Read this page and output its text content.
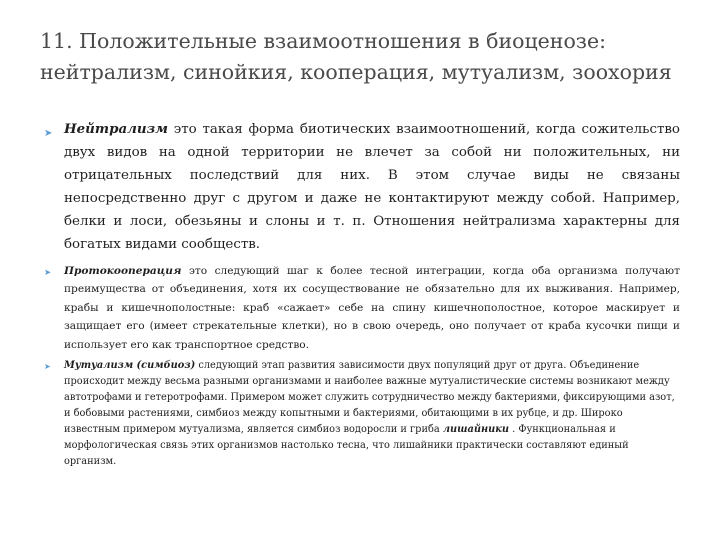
11. Положительные взаимоотношения в биоценозе: нейтрализм, синойкия, кооперация, мутуализм, зоохория
➤ Нейтрализм это такая форма биотических взаимоотношений, когда сожительство двух видов на одной территории не влечет за собой ни положительных, ни отрицательных последствий для них. В этом случае виды не связаны непосредственно друг с другом и даже не контактируют между собой. Например, белки и лоси, обезьяны и слоны и т. п. Отношения нейтрализма характерны для богатых видами сообществ.
➤ Протокооперация это следующий шаг к более тесной интеграции, когда оба организма получают преимущества от объединения, хотя их сосуществование не обязательно для их выживания. Например, крабы и кишечнополостные: краб «сажает» себе на спину кишечнополостное, которое маскирует и защищает его (имеет стрекательные клетки), но в свою очередь, оно получает от краба кусочки пищи и использует его как транспортное средство.
➤ Мутуализм (симбиоз) следующий этап развития зависимости двух популяций друг от друга. Объединение происходит между весьма разными организмами и наиболее важные мутуалистические системы возникают между автотрофами и гетеротрофами. Примером может служить сотрудничество между бактериями, фиксирующими азот, и бобовыми растениями, симбиоз между копытными и бактериями, обитающими в их рубце, и др. Широко известным примером мутуализма, является симбиоз водоросли и гриба лишайники . Функциональная и морфологическая связь этих организмов настолько тесна, что лишайники практически составляют единый организм.
